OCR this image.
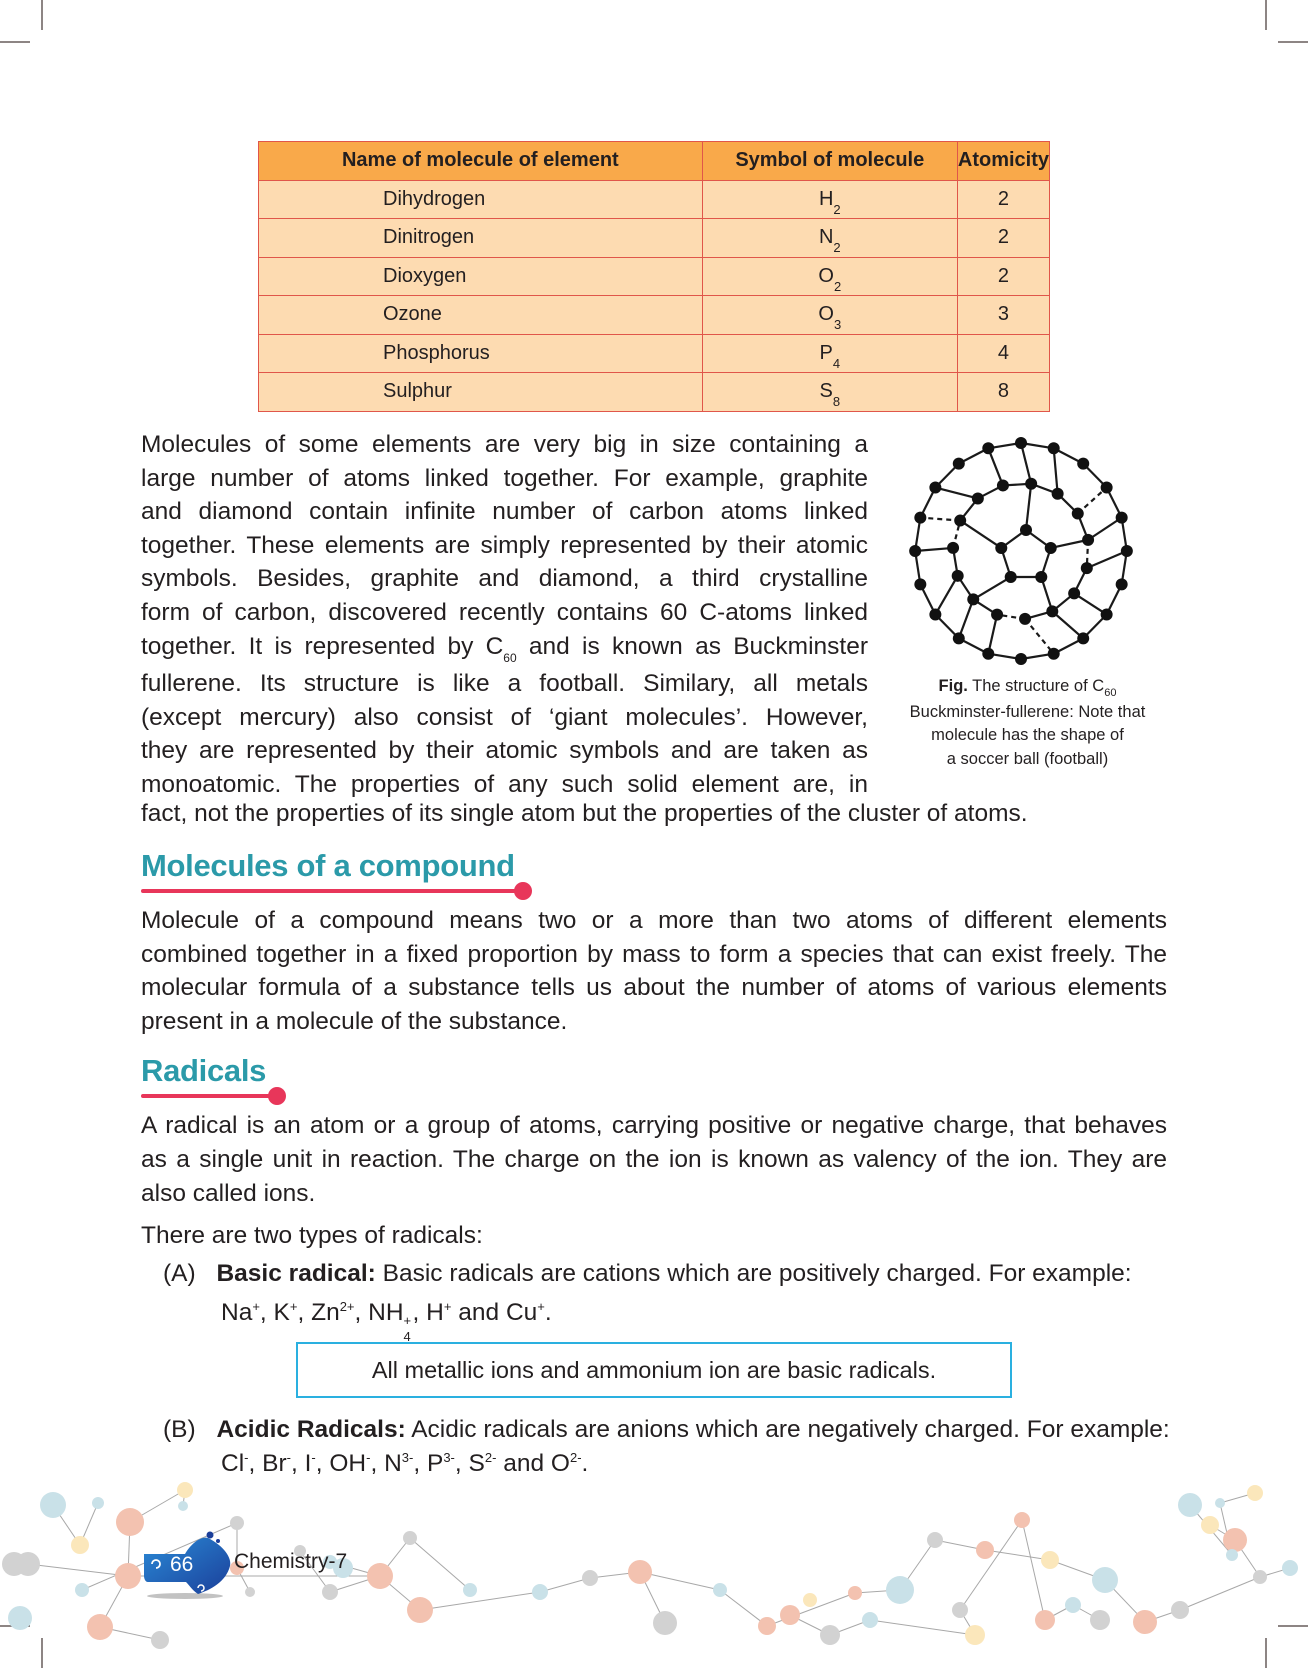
Name of molecule of element	Symbol of molecule	Atomicity
Dihydrogen	$H_2$	2
Dinitrogen	$N_2$	2
Dioxygen	$O_2$	2
Ozone	$O_3$	3
Phosphorus	$P_4$	4
Sulphur	$S_8$	8
Molecules of some elements are very big in size containing a
large number of atoms linked together. For example, graphite
and diamond contain infinite number of carbon atoms linked
together. These elements are simply represented by their atomic
symbols. Besides, graphite and diamond, a third crystalline
form of carbon, discovered recently contains 60 C-atoms linked
together. It is represented by $C_{60}$ and is known as Buckminster
fullerene. Its structure is like a football. Similary, all metals
(except mercury) also consist of ‘giant molecules’. However,
they are represented by their atomic symbols and are taken as
monoatomic. The properties of any such solid element are, in
fact, not the properties of its single atom but the properties of the cluster of atoms.
Fig. The structure of $C_{60}$
Buckminster-fullerene: Note that
molecule has the shape of
a soccer ball (football)
Molecules of a compound
Molecule of a compound means two or a more than two atoms of different elements
combined together in a fixed proportion by mass to form a species that can exist freely. The
molecular formula of a substance tells us about the number of atoms of various elements
present in a molecule of the substance.
Radicals
A radical is an atom or a group of atoms, carrying positive or negative charge, that behaves
as a single unit in reaction. The charge on the ion is known as valency of the ion. They are
also called ions.
There are two types of radicals:
(A) Basic radical: Basic radicals are cations which are positively charged. For example:
Na+, K+, $Zn^{2+}$, NH +
4
, H+ and Cu+.
All metallic ions and ammonium ion are basic radicals.
(B) Acidic Radicals: Acidic radicals are anions which are negatively charged. For example:
Cl-, Br-, I-, OH-, $N^{3-}$, $P^{3-}$, $S^{2-}$ and $O^{2-}$.
66 Chemistry-7
